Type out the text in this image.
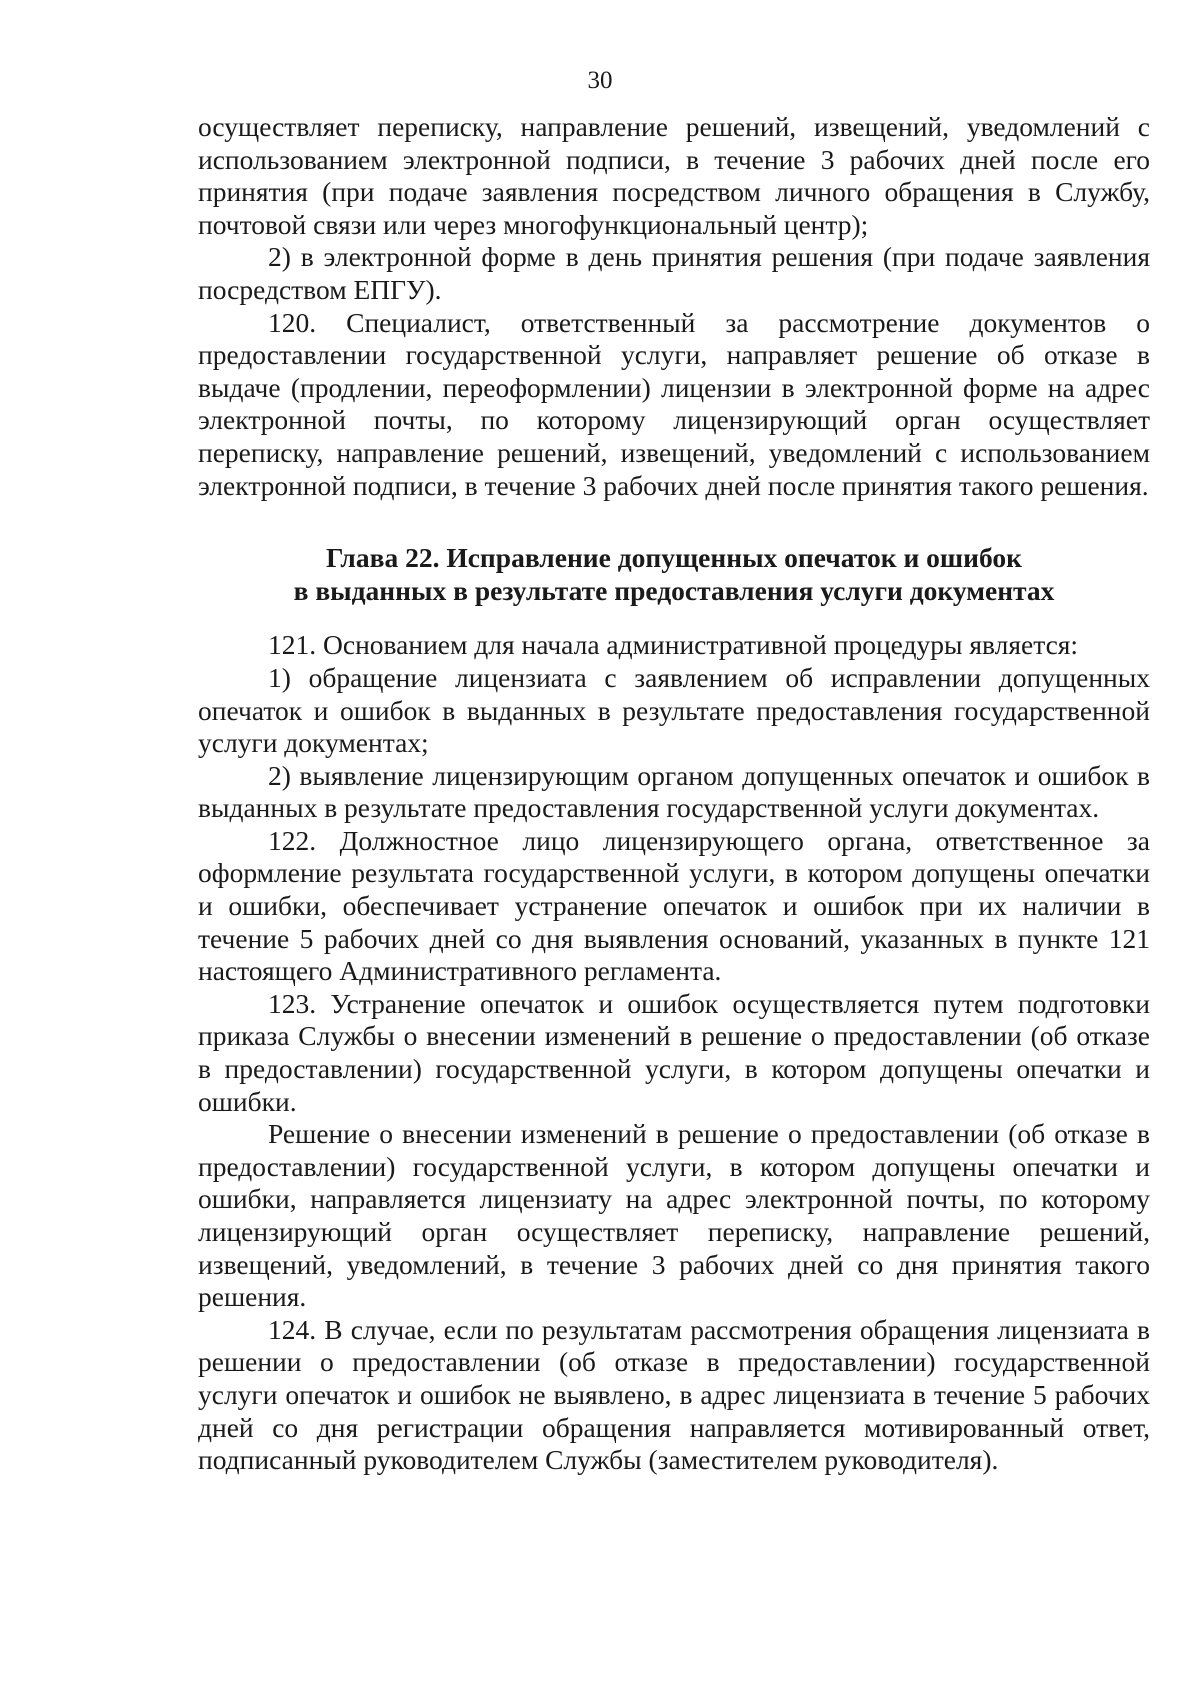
30

осуществляет переписку, направление решений, извещений, уведомлений с использованием электронной подписи, в течение 3 рабочих дней после его принятия (при подаче заявления посредством личного обращения в Службу, почтовой связи или через многофункциональный центр);

2) в электронной форме в день принятия решения (при подаче заявления посредством ЕПГУ).

120. Специалист, ответственный за рассмотрение документов о предоставлении государственной услуги, направляет решение об отказе в выдаче (продлении, переоформлении) лицензии в электронной форме на адрес электронной почты, по которому лицензирующий орган осуществляет переписку, направление решений, извещений, уведомлений с использованием электронной подписи, в течение 3 рабочих дней после принятия такого решения.

Глава 22. Исправление допущенных опечаток и ошибок
в выданных в результате предоставления услуги документах

121. Основанием для начала административной процедуры является:

1) обращение лицензиата с заявлением об исправлении допущенных опечаток и ошибок в выданных в результате предоставления государственной услуги документах;

2) выявление лицензирующим органом допущенных опечаток и ошибок в выданных в результате предоставления государственной услуги документах.

122. Должностное лицо лицензирующего органа, ответственное за оформление результата государственной услуги, в котором допущены опечатки и ошибки, обеспечивает устранение опечаток и ошибок при их наличии в течение 5 рабочих дней со дня выявления оснований, указанных в пункте 121 настоящего Административного регламента.

123. Устранение опечаток и ошибок осуществляется путем подготовки приказа Службы о внесении изменений в решение о предоставлении (об отказе в предоставлении) государственной услуги, в котором допущены опечатки и ошибки.

Решение о внесении изменений в решение о предоставлении (об отказе в предоставлении) государственной услуги, в котором допущены опечатки и ошибки, направляется лицензиату на адрес электронной почты, по которому лицензирующий орган осуществляет переписку, направление решений, извещений, уведомлений, в течение 3 рабочих дней со дня принятия такого решения.

124. В случае, если по результатам рассмотрения обращения лицензиата в решении о предоставлении (об отказе в предоставлении) государственной услуги опечаток и ошибок не выявлено, в адрес лицензиата в течение 5 рабочих дней со дня регистрации обращения направляется мотивированный ответ, подписанный руководителем Службы (заместителем руководителя).
